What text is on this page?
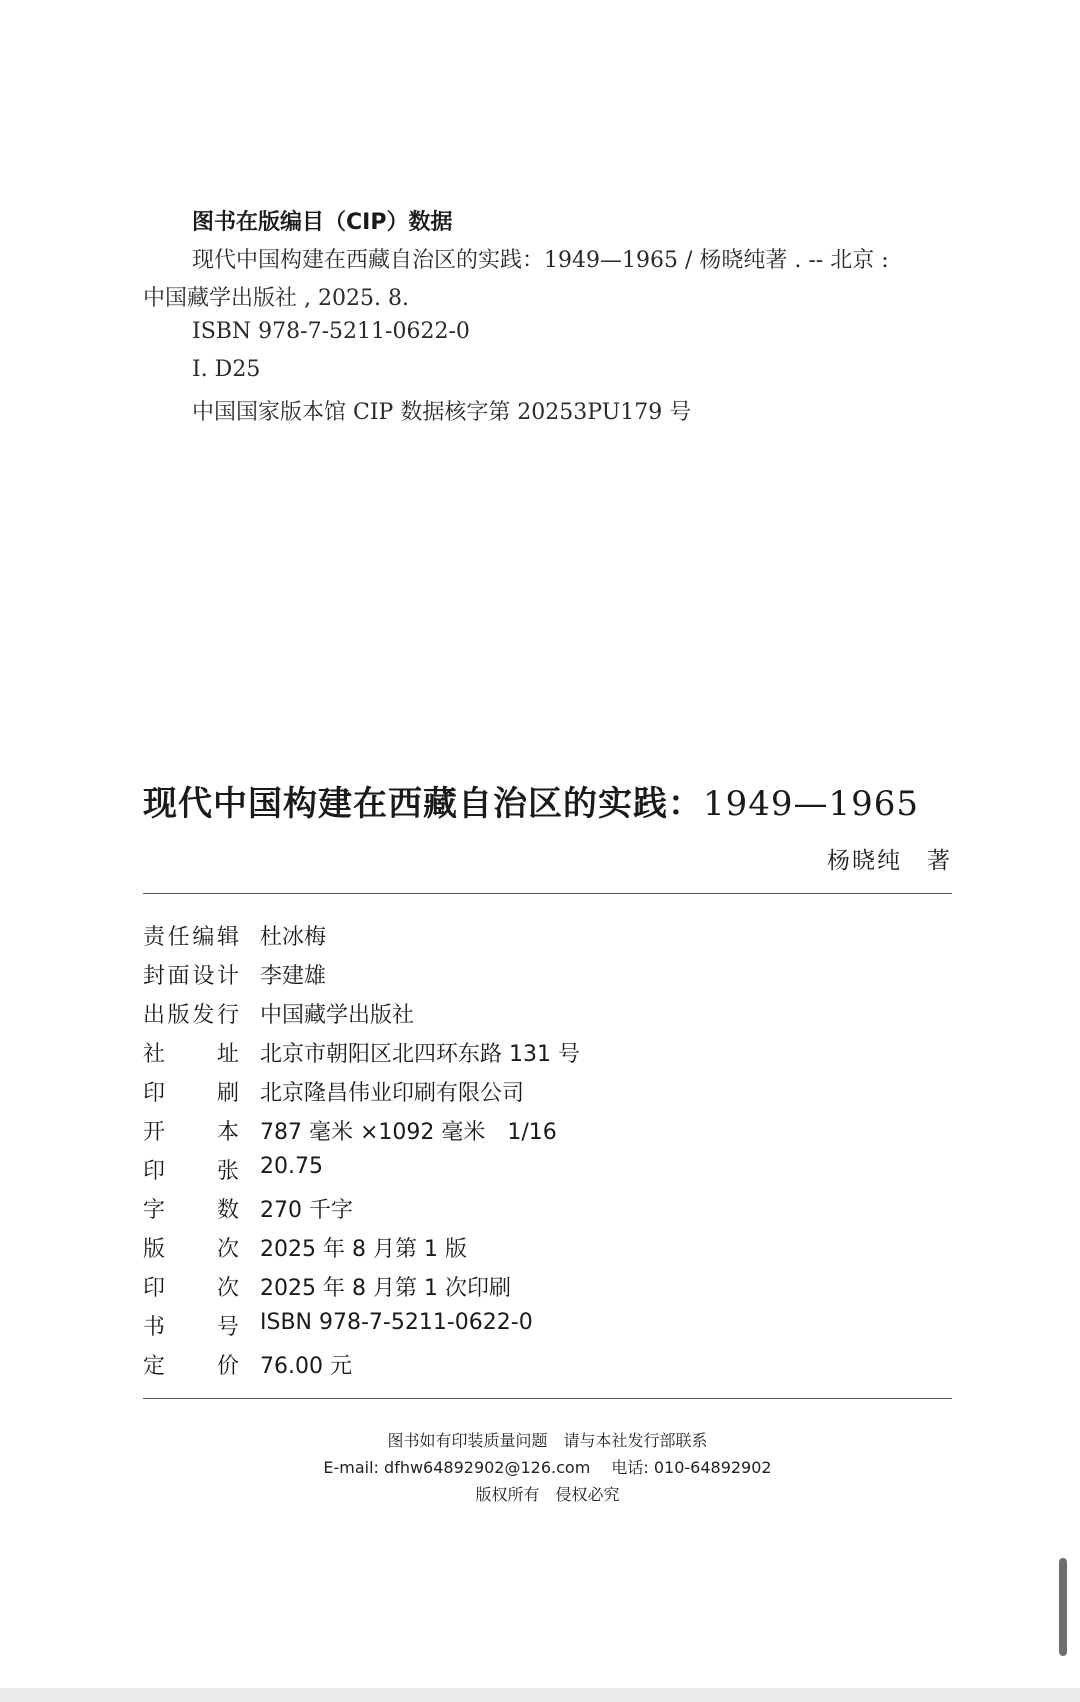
图书在版编目（CIP）数据
现代中国构建在西藏自治区的实践：1949—1965 / 杨晓纯著 . -- 北京 :
中国藏学出版社 , 2025. 8.
ISBN 978-7-5211-0622-0
Ⅰ. D25
中国国家版本馆 CIP 数据核字第 20253PU179 号
现代中国构建在西藏自治区的实践：1949—1965
杨晓纯　著
责 任 编 辑 杜冰梅
封 面 设 计 李建雄
出 版 发 行 中国藏学出版社
社 址 北京市朝阳区北四环东路 131 号
印 刷 北京隆昌伟业印刷有限公司
开 本 787 毫米 ×1092 毫米　1/16
印 张 20.75
字 数 270 千字
版 次 2025 年 8 月第 1 版
印 次 2025 年 8 月第 1 次印刷
书 号 ISBN 978-7-5211-0622-0
定 价 76.00 元
图书如有印装质量问题　请与本社发行部联系
E-mail: dfhw64892902@126.com　 电话: 010-64892902
版权所有　侵权必究
